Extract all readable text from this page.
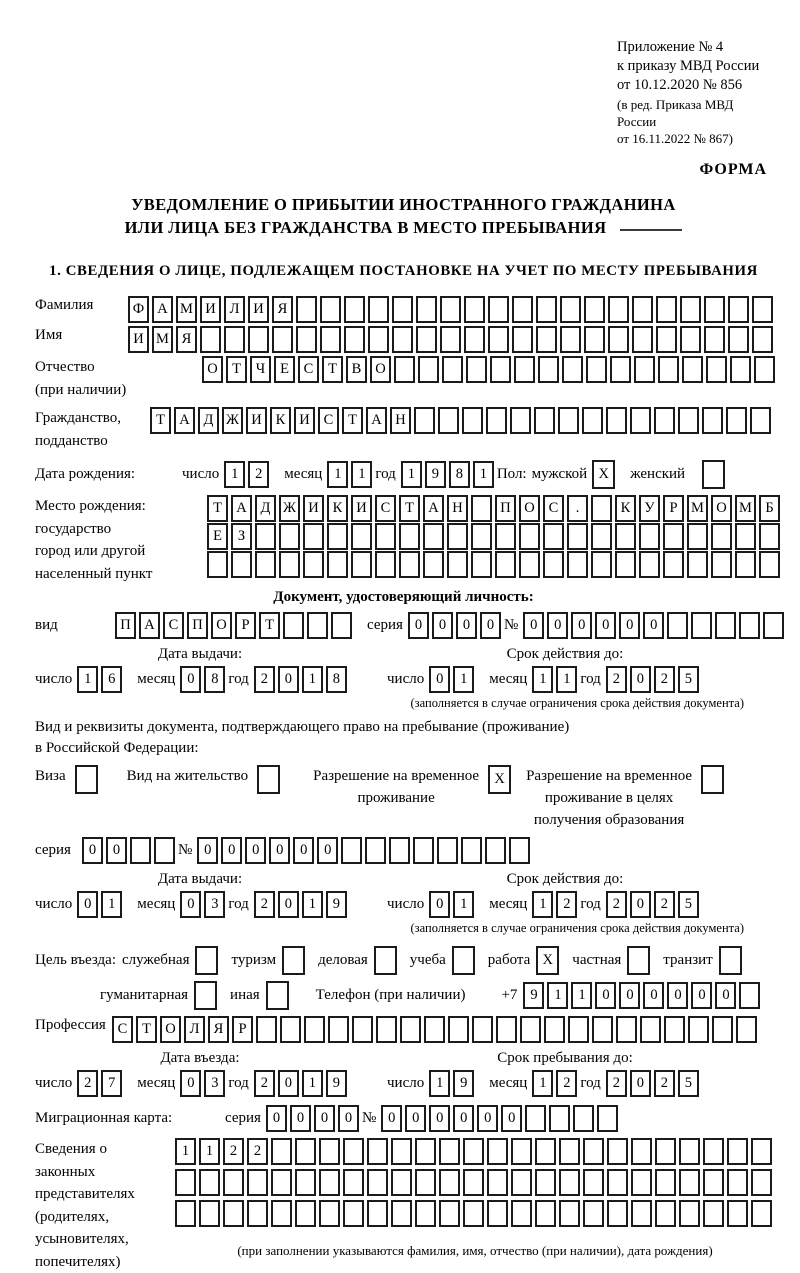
Приложение № 4
к приказу МВД России
от 10.12.2020 № 856
(в ред. Приказа МВД России
от 16.11.2022 № 867)
ФОРМА
УВЕДОМЛЕНИЕ О ПРИБЫТИИ ИНОСТРАННОГО ГРАЖДАНИНА
ИЛИ ЛИЦА БЕЗ ГРАЖДАНСТВА В МЕСТО ПРЕБЫВАНИЯ
1. СВЕДЕНИЯ О ЛИЦЕ, ПОДЛЕЖАЩЕМ ПОСТАНОВКЕ НА УЧЕТ ПО МЕСТУ ПРЕБЫВАНИЯ
Фамилия	Ф А М И Л И Я
Имя	И М Я
Отчество
(при наличии)
О Т	Ч	Е	С	Т	В О
Гражданство,
подданство
Т А Д Ж И К И С	Т А Н
Дата рождения:	число 1	2	месяц 1	1 год 1	9	8	1 Пол: мужской X	женский
Место рождения:
государство
город или другой
населенный пункт
Т А Д Ж И К И С	Т А Н	П О С	.	К У	Р М О М Б
Е	З
Документ, удостоверяющий личность:
вид	П А С П О	Р	Т	серия 0	0	0	0 № 0	0	0	0	0	0
Дата выдачи:	Срок действия до:
число 1	6	месяц 0	8 год 2	0	1	8	число 0	1	месяц 1	1 год 2	0	2	5
(заполняется в случае ограничения срока действия документа)
Вид и реквизиты документа, подтверждающего право на пребывание (проживание)
в Российской Федерации:
Виза	Вид на жительство	Разрешение на временное
проживание
X	Разрешение на временное
проживание в целях
получения образования
серия	0	0	№ 0	0	0	0	0	0
Дата выдачи:	Срок действия до:
число 0	1	месяц 0	3 год 2	0	1	9	число 0	1	месяц 1	2 год 2	0	2	5
(заполняется в случае ограничения срока действия документа)
Цель въезда: служебная	туризм	деловая	учеба	работа X	частная	транзит
гуманитарная	иная	Телефон (при наличии) +7 9	1	1	0	0	0	0	0	0
Профессия С	Т О Л Я	Р
Дата въезда:	Срок пребывания до:
число 2	7	месяц 0	3 год 2	0	1	9	число 1	9	месяц 1	2 год 2	0	2	5
Миграционная карта:	серия 0	0	0	0 № 0	0	0	0	0	0
Сведения о
законных
представителях
(родителях,
усыновителях,
попечителях)
1	1	2	2
(при заполнении указываются фамилия, имя, отчество (при наличии), дата рождения)
